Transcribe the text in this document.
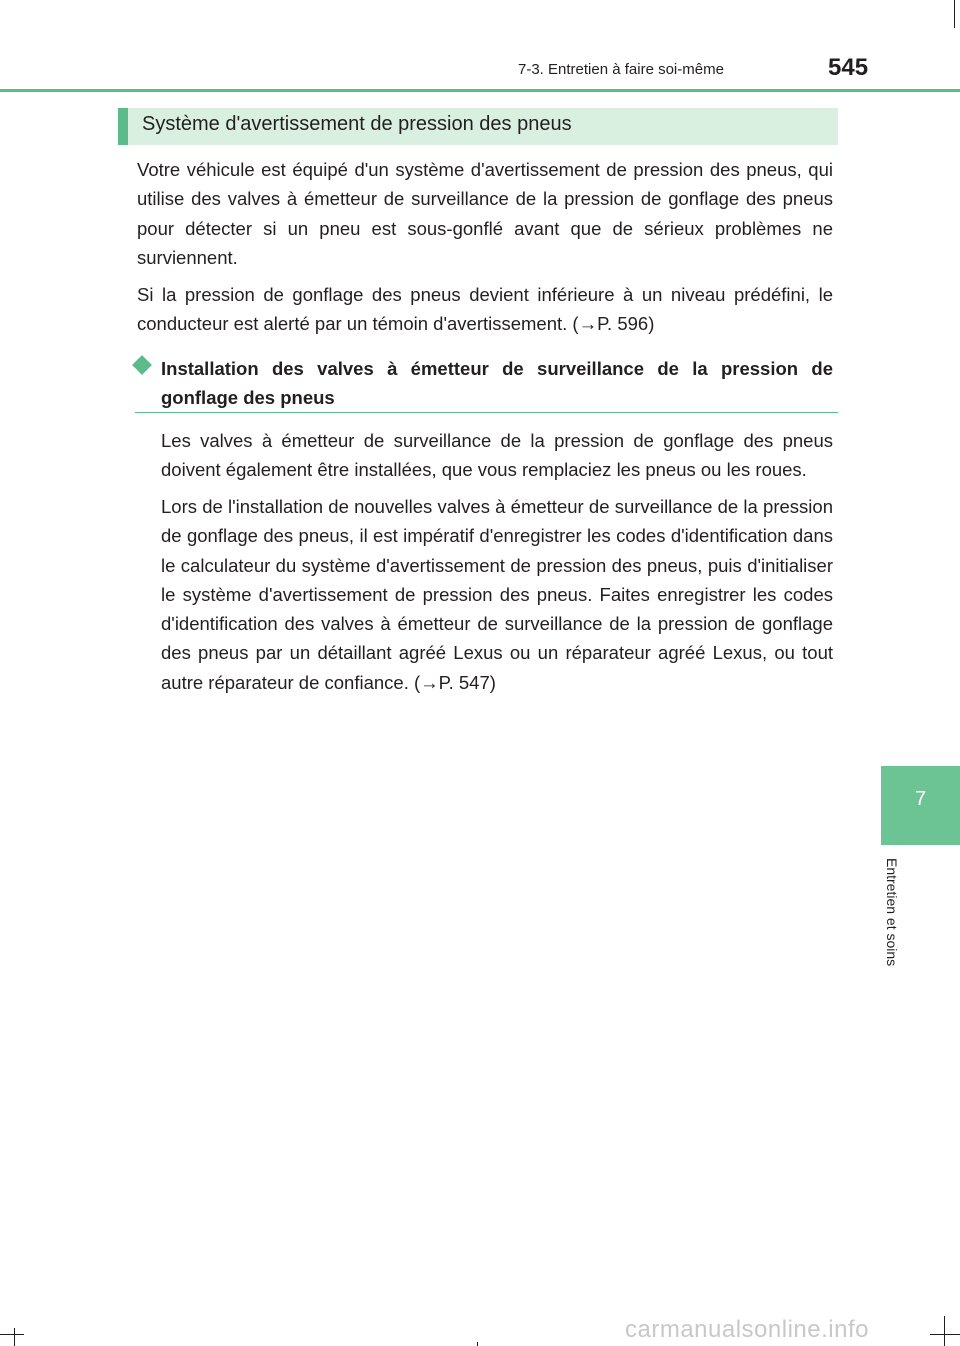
7-3. Entretien à faire soi-même	545
Système d'avertissement de pression des pneus
Votre véhicule est équipé d'un système d'avertissement de pression des pneus, qui utilise des valves à émetteur de surveillance de la pression de gonflage des pneus pour détecter si un pneu est sous-gonflé avant que de sérieux problèmes ne surviennent.
Si la pression de gonflage des pneus devient inférieure à un niveau prédéfini, le conducteur est alerté par un témoin d'avertissement. (→P. 596)
Installation des valves à émetteur de surveillance de la pression de gonflage des pneus
Les valves à émetteur de surveillance de la pression de gonflage des pneus doivent également être installées, que vous remplaciez les pneus ou les roues.
Lors de l'installation de nouvelles valves à émetteur de surveillance de la pression de gonflage des pneus, il est impératif d'enregistrer les codes d'identification dans le calculateur du système d'avertissement de pression des pneus, puis d'initialiser le système d'avertissement de pression des pneus. Faites enregistrer les codes d'identification des valves à émetteur de surveillance de la pression de gonflage des pneus par un détaillant agréé Lexus ou un réparateur agréé Lexus, ou tout autre réparateur de confiance. (→P. 547)
7
Entretien et soins
carmanualsonline.info
